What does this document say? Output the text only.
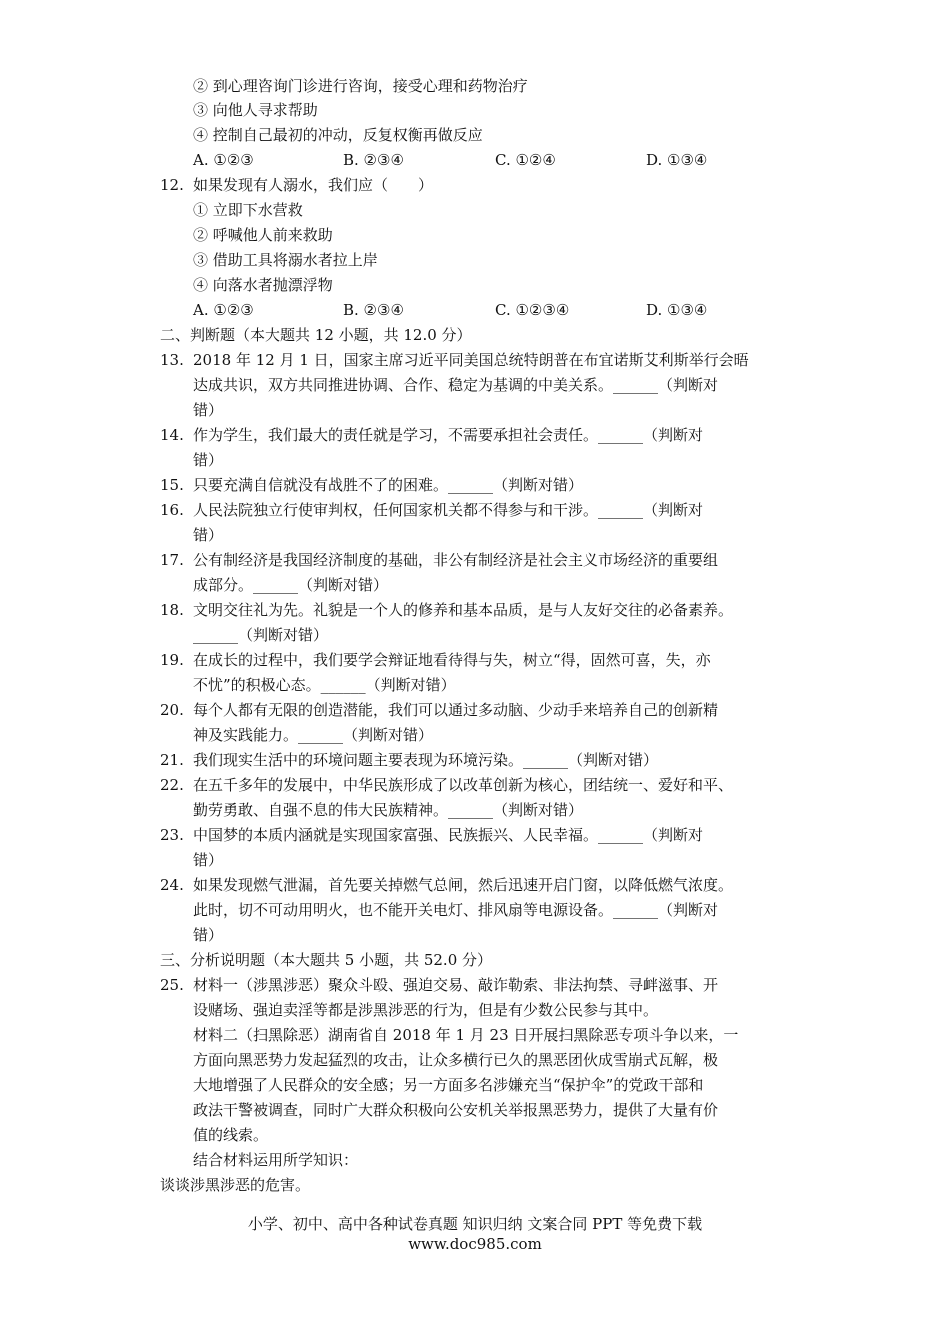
② 到心理咨询门诊进行咨询，接受心理和药物治疗
③ 向他人寻求帮助
④ 控制自己最初的冲动，反复权衡再做反应
A. ①②③	B. ②③④	C. ①②④	D. ①③④
12. 如果发现有人溺水，我们应（　　）
① 立即下水营救
② 呼喊他人前来救助
③ 借助工具将溺水者拉上岸
④ 向落水者抛漂浮物
A. ①②③	B. ②③④	C. ①②③④	D. ①③④
二、判断题（本大题共 12 小题，共 12.0 分）
13. 2018 年 12 月 1 日，国家主席习近平同美国总统特朗普在布宜诺斯艾利斯举行会晤
达成共识，双方共同推进协调、合作、稳定为基调的中美关系。______（判断对
错）
14. 作为学生，我们最大的责任就是学习，不需要承担社会责任。______（判断对
错）
15. 只要充满自信就没有战胜不了的困难。______（判断对错）
16. 人民法院独立行使审判权，任何国家机关都不得参与和干涉。______（判断对
错）
17. 公有制经济是我国经济制度的基础，非公有制经济是社会主义市场经济的重要组
成部分。______（判断对错）
18. 文明交往礼为先。礼貌是一个人的修养和基本品质，是与人友好交往的必备素养。
______（判断对错）
19. 在成长的过程中，我们要学会辩证地看待得与失，树立“得，固然可喜，失，亦
不忧”的积极心态。______（判断对错）
20. 每个人都有无限的创造潜能，我们可以通过多动脑、少动手来培养自己的创新精
神及实践能力。______（判断对错）
21. 我们现实生活中的环境问题主要表现为环境污染。______（判断对错）
22. 在五千多年的发展中，中华民族形成了以改革创新为核心，团结统一、爱好和平、
勤劳勇敢、自强不息的伟大民族精神。______（判断对错）
23. 中国梦的本质内涵就是实现国家富强、民族振兴、人民幸福。______（判断对
错）
24. 如果发现燃气泄漏，首先要关掉燃气总闸，然后迅速开启门窗，以降低燃气浓度。
此时，切不可动用明火，也不能开关电灯、排风扇等电源设备。______（判断对
错）
三、分析说明题（本大题共 5 小题，共 52.0 分）
25. 材料一（涉黑涉恶）聚众斗殴、强迫交易、敲诈勒索、非法拘禁、寻衅滋事、开
设赌场、强迫卖淫等都是涉黑涉恶的行为，但是有少数公民参与其中。
材料二（扫黑除恶）湖南省自 2018 年 1 月 23 日开展扫黑除恶专项斗争以来，一
方面向黑恶势力发起猛烈的攻击，让众多横行已久的黑恶团伙成雪崩式瓦解，极
大地增强了人民群众的安全感；另一方面多名涉嫌充当“保护伞”的党政干部和
政法干警被调查，同时广大群众积极向公安机关举报黑恶势力，提供了大量有价
值的线索。
结合材料运用所学知识：
谈谈涉黑涉恶的危害。
小学、初中、高中各种试卷真题 知识归纳 文案合同 PPT 等免费下载
www.doc985.com
